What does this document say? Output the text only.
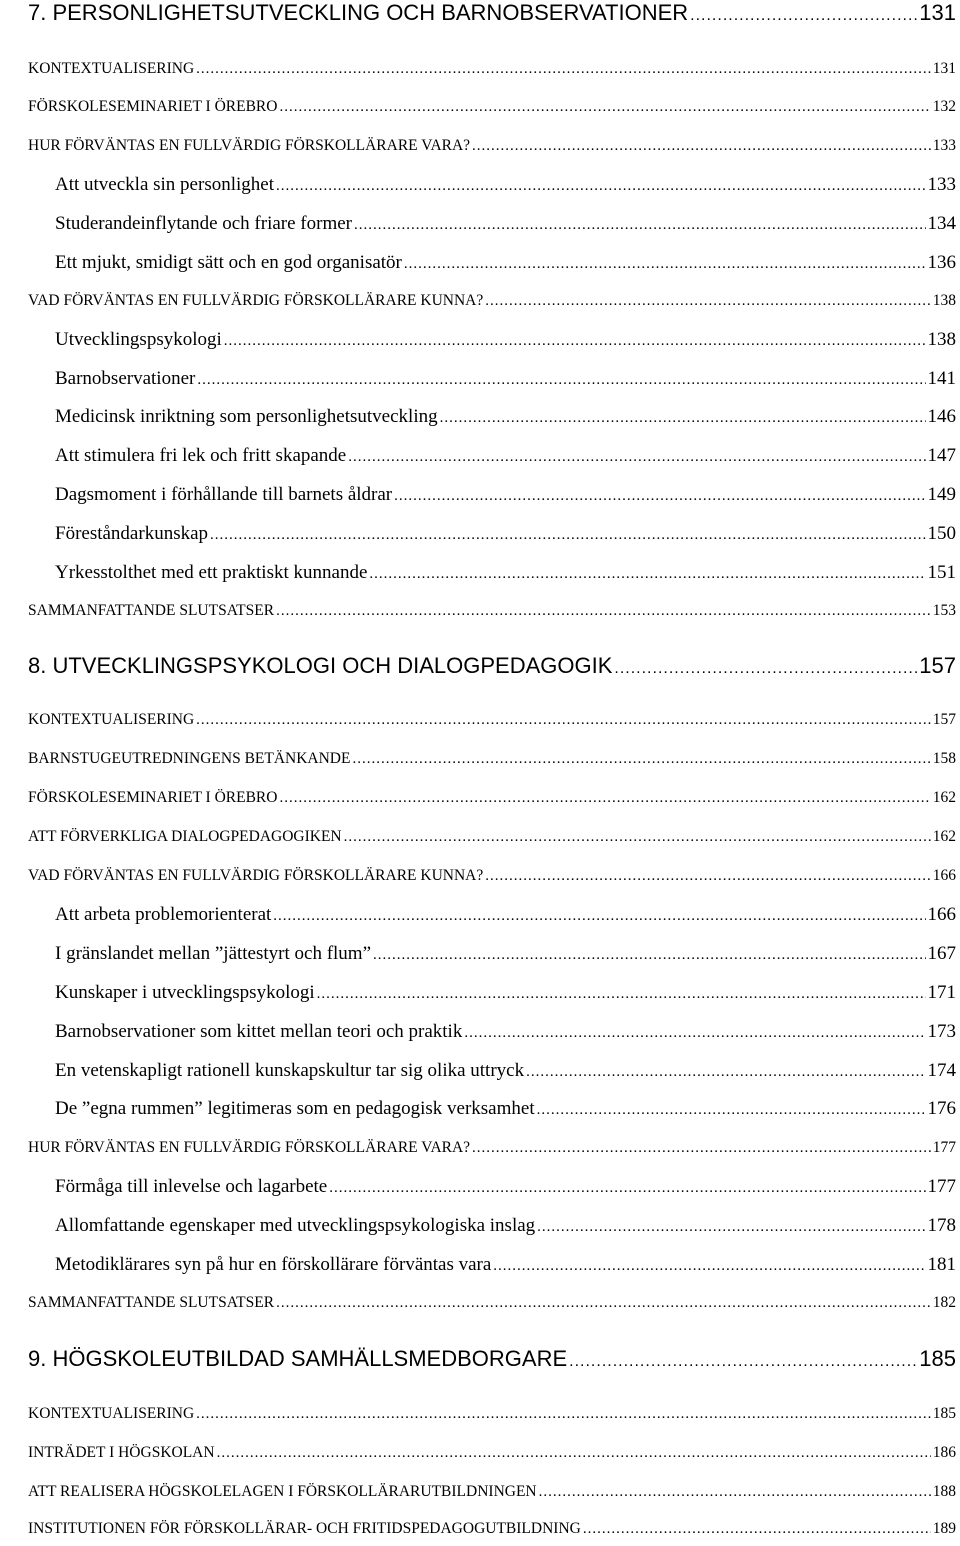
7. PERSONLIGHETSUTVECKLING OCH BARNOBSERVATIONER .....	131
KONTEXTUALISERING .....	131
FÖRSKOLESEMINARIET I ÖREBRO .....	132
HUR FÖRVÄNTAS EN FULLVÄRDIG FÖRSKOLLÄRARE VARA? .....	133
Att utveckla sin personlighet .....	133
Studerandeinflytande och friare former .....	134
Ett mjukt, smidigt sätt och en god organisatör .....	136
VAD FÖRVÄNTAS EN FULLVÄRDIG FÖRSKOLLÄRARE KUNNA? .....	138
Utvecklingspsykologi .....	138
Barnobservationer .....	141
Medicinsk inriktning som personlighetsutveckling .....	146
Att stimulera fri lek och fritt skapande .....	147
Dagsmoment i förhållande till barnets åldrar .....	149
Föreståndarkunskap .....	150
Yrkesstolthet med ett praktiskt kunnande .....	151
SAMMANFATTANDE SLUTSATSER .....	153
8. UTVECKLINGSPSYKOLOGI OCH DIALOGPEDAGOGIK .....	157
KONTEXTUALISERING .....	157
BARNSTUGEUTREDNINGENS BETÄNKANDE .....	158
FÖRSKOLESEMINARIET I ÖREBRO .....	162
ATT FÖRVERKLIGA DIALOGPEDAGOGIKEN .....	162
VAD FÖRVÄNTAS EN FULLVÄRDIG FÖRSKOLLÄRARE KUNNA? .....	166
Att arbeta problemorienterat .....	166
I gränslandet mellan ”jättestyrt och flum” .....	167
Kunskaper i utvecklingspsykologi .....	171
Barnobservationer som kittet mellan teori och praktik .....	173
En vetenskapligt rationell kunskapskultur tar sig olika uttryck .....	174
De ”egna rummen” legitimeras som en pedagogisk verksamhet .....	176
HUR FÖRVÄNTAS EN FULLVÄRDIG FÖRSKOLLÄRARE VARA? .....	177
Förmåga till inlevelse och lagarbete .....	177
Allomfattande egenskaper med utvecklingspsykologiska inslag .....	178
Metodiklärares syn på hur en förskollärare förväntas vara .....	181
SAMMANFATTANDE SLUTSATSER .....	182
9. HÖGSKOLEUTBILDAD SAMHÄLLSMEDBORGARE .....	185
KONTEXTUALISERING .....	185
INTRÄDET I HÖGSKOLAN .....	186
ATT REALISERA HÖGSKOLELAGEN I FÖRSKOLLÄRARUTBILDNINGEN .....	188
INSTITUTIONEN FÖR FÖRSKOLLÄRAR- OCH FRITIDSPEDAGOGUTBILDNING .....	189
